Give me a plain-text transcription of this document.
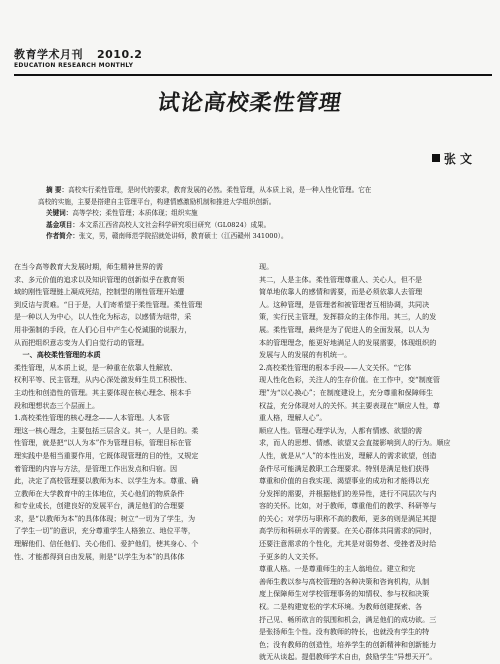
教育学术月刊 2010.2
EDUCATION RESEARCH MONTHLY
试论高校柔性管理
张 文
摘 要：高校实行柔性管理，是时代的要求，教育发展的必然。柔性管理，从本质上说，是一种人性化管理。它在
高校的实施，主要是搭建自主管理平台，构建情感激励机制和推进大学组织创新。
关键词：高等学校；柔性管理；本质体现；组织实施
基金项目：本文系江西省高校人文社会科学研究项目研究（GL0824）成果。
作者简介：张文，男，赣南师范学院招就处讲师，教育硕士（江西赣州 341000）。
在当今高等教育大发展时期，师生精神世界的需
求、多元价值的追求以及知识管理的创新似乎在教育领
域的刚性管理链上凝成死结，控制型的刚性管理开始遭
到反诘与责难。“日于是，人们寄希望于柔性管理。柔性管理
是一种以人为中心，以人性化为标志，以感情为纽带，采
用非强制的手段，在人们心目中产生心悦诚服的说服力，
从而把组织意志变为人们自觉行动的管理。
一、高校柔性管理的本质
柔性管理，从本质上说，是一种重在依靠人性解放、
权利平等、民主管理，从内心深处激发师生员工积极性、
主动性和创造性的管理。其主要体现在核心理念、根本手
段和理想状态三个层面上。
1.高校柔性管理的核心理念——人本管理。人本管
理这一核心理念，主要包括三层含义。其一，人是目的。柔
性管理，就是把“以人为本”作为管理目标，管理目标在管
理实践中是相当重要作用，它既体现管理的目的性，又规定
着管理的内容与方法，是管理工作出发点和归宿。因
此，决定了高校管理要以教师为本、以学生为本。尊重、确
立教师在大学教育中的主体地位，关心他们的物质条件
和专业成长，创建良好的发展平台，满足他们的合理要
求，是“以教师为本”的具体体现；树立“一切为了学生，为
了学生一切”的意识，充分尊重学生人格独立、地位平等，
理解他们、信任他们、关心他们、爱护他们，使其身心、个
性、才能都得到自由发展，则是“以学生为本”的具体体
现。
其二，人是主体。柔性管理尊重人、关心人，但不是
简单地依靠人的感情和需要，而是必须依靠人去管理
人。这种管理，是管理者和被管理者互相协调，共同决
策，实行民主管理，发挥群众的主体作用。其三，人的发
展。柔性管理，最终是为了促进人的全面发展，以人为
本的管理理念，能更好地满足人的发展需要，体现组织的
发展与人的发展的有机统一。
2.高校柔性管理的根本手段——人文关怀。“它体
现人性化色彩，关注人的生存价值。在工作中，变“制度管
理”为“以心换心”；在制度建设上，充分尊重和保障师生
权益，充分体现对人的关怀。其主要表现在“顺应人性，尊
重人格，理解人心”。
顺应人性。管理心理学认为，人都有情感、欲望的需
求，而人的思想、情感、欲望又会直接影响到人的行为。顺应
人性，就是从“人”的本性出发，理解人的需求欲望，创造
条件尽可能满足教职工合理要求。特别是满足他们获得
尊重和价值的自我实现、渴望事业的成功和才能得以充
分发挥的需要，并根据他们的差异性，进行不同层次与内
容的关怀。比如，对于教师，尊重他们的教学、科研等与
的关心；对学历与职称不高的教师，更多的则是满足其提
高学历和科研水平的需要。在关心群体共同需求的同时，
还要注意需求的个性化，尤其是对弱势者、受挫者及时给
予更多的人文关怀。
尊重人格。一是尊重师生的主人翁地位。建立和完
善师生教以参与高校管理的各种决策和咨询机构，从制
度上保障师生对学校管理事务的知情权、参与权和决策
权。二是构建宽松的学术环境。为教师创建探索、各
抒己见、畅所欲言的氛围和机会，满足他们的成功欲。三
是张扬师生个性。没有教师的特长，也就没有学生的特
色；没有教师的创造性，培养学生的创新精神和创新能力
就无从谈起。提倡教师学术自由，鼓励学生“异想天开”。
